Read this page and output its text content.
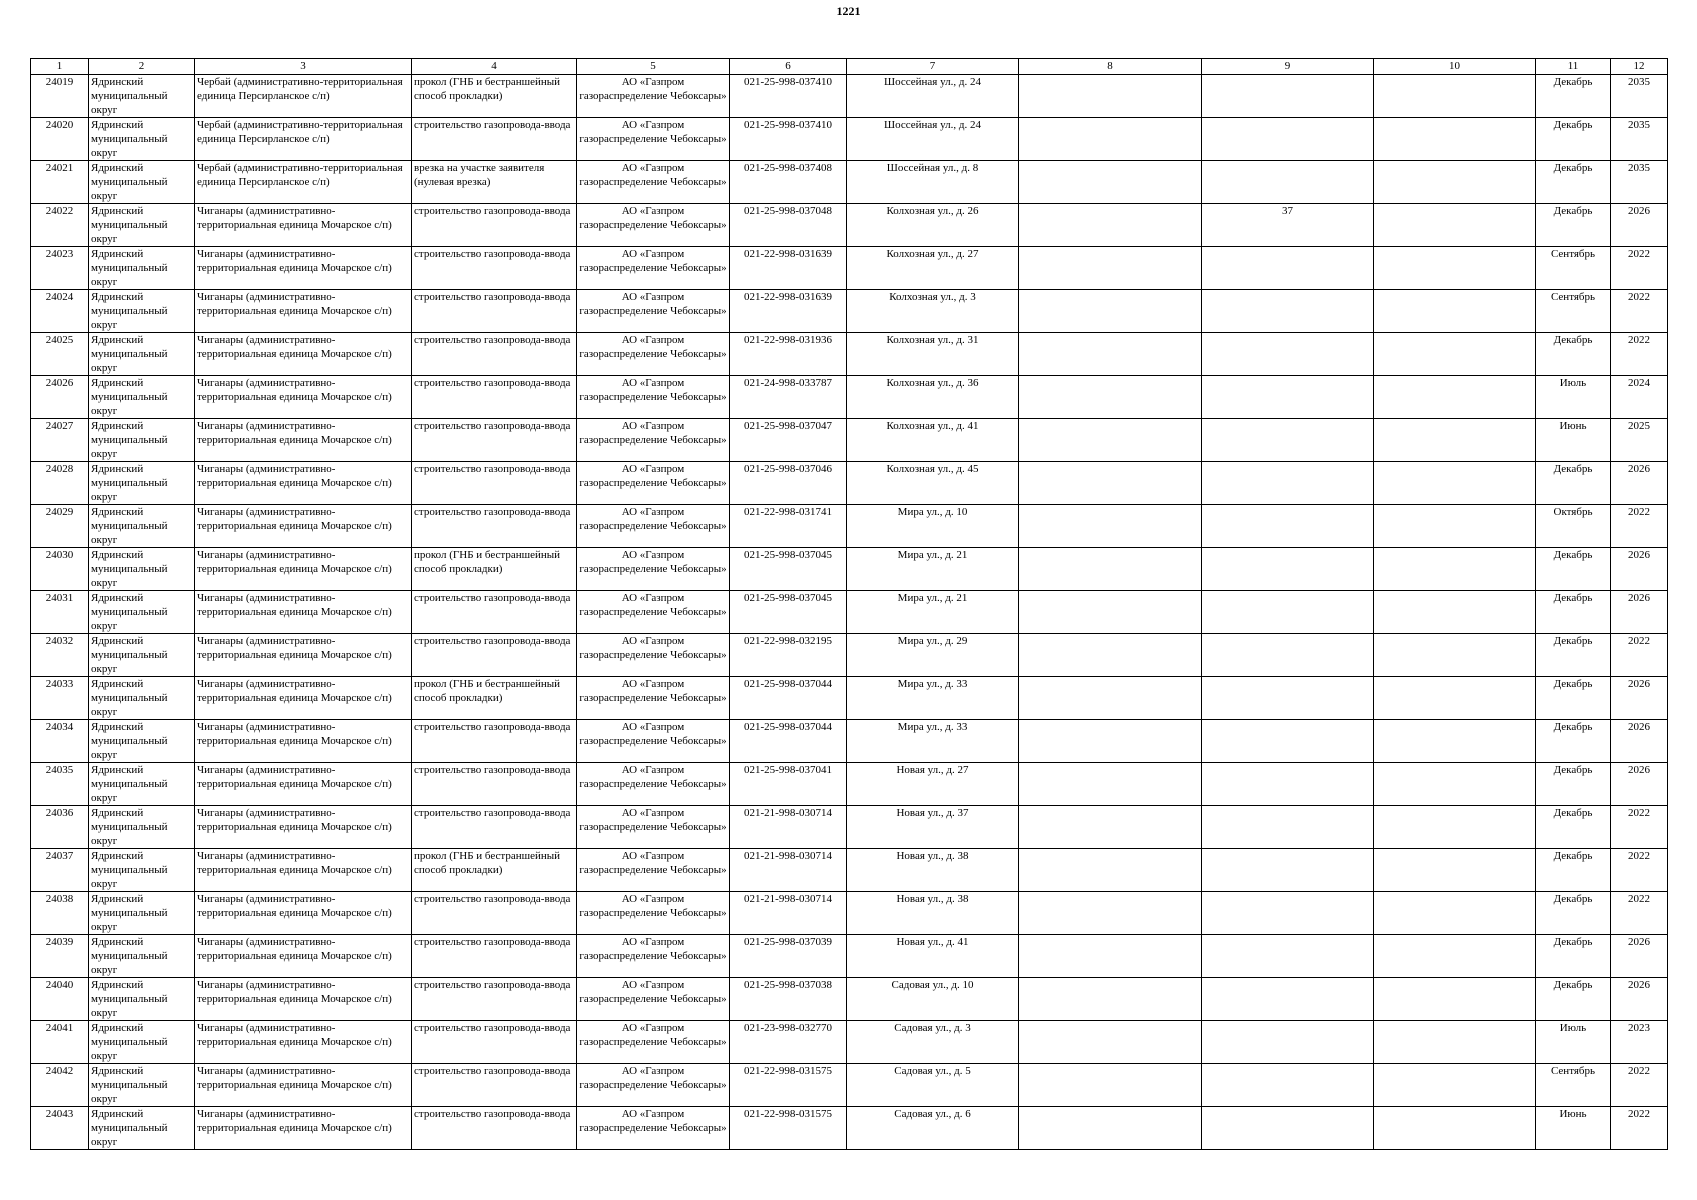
1221
1	2	3	4	5	6	7	8	9	10	11	12

24019	Ядринский муниципальный округ	Чербай (административно-территориальная единица Персирланское с/п)	прокол (ГНБ и бестраншейный способ прокладки)	АО «Газпром газораспределение Чебоксары»	021-25-998-037410	Шоссейная ул., д. 24				Декабрь	2035

24020	Ядринский муниципальный округ	Чербай (административно-территориальная единица Персирланское с/п)	строительство газопровода-ввода	АО «Газпром газораспределение Чебоксары»	021-25-998-037410	Шоссейная ул., д. 24				Декабрь	2035

24021	Ядринский муниципальный округ	Чербай (административно-территориальная единица Персирланское с/п)	врезка на участке заявителя (нулевая врезка)	АО «Газпром газораспределение Чебоксары»	021-25-998-037408	Шоссейная ул., д. 8				Декабрь	2035

24022	Ядринский муниципальный округ	Чиганары (административно-территориальная единица Мочарское с/п)	строительство газопровода-ввода	АО «Газпром газораспределение Чебоксары»	021-25-998-037048	Колхозная ул., д. 26		37		Декабрь	2026

24023	Ядринский муниципальный округ	Чиганары (административно-территориальная единица Мочарское с/п)	строительство газопровода-ввода	АО «Газпром газораспределение Чебоксары»	021-22-998-031639	Колхозная ул., д. 27				Сентябрь	2022

24024	Ядринский муниципальный округ	Чиганары (административно-территориальная единица Мочарское с/п)	строительство газопровода-ввода	АО «Газпром газораспределение Чебоксары»	021-22-998-031639	Колхозная ул., д. 3				Сентябрь	2022

24025	Ядринский муниципальный округ	Чиганары (административно-территориальная единица Мочарское с/п)	строительство газопровода-ввода	АО «Газпром газораспределение Чебоксары»	021-22-998-031936	Колхозная ул., д. 31				Декабрь	2022

24026	Ядринский муниципальный округ	Чиганары (административно-территориальная единица Мочарское с/п)	строительство газопровода-ввода	АО «Газпром газораспределение Чебоксары»	021-24-998-033787	Колхозная ул., д. 36				Июль	2024

24027	Ядринский муниципальный округ	Чиганары (административно-территориальная единица Мочарское с/п)	строительство газопровода-ввода	АО «Газпром газораспределение Чебоксары»	021-25-998-037047	Колхозная ул., д. 41				Июнь	2025

24028	Ядринский муниципальный округ	Чиганары (административно-территориальная единица Мочарское с/п)	строительство газопровода-ввода	АО «Газпром газораспределение Чебоксары»	021-25-998-037046	Колхозная ул., д. 45				Декабрь	2026

24029	Ядринский муниципальный округ	Чиганары (административно-территориальная единица Мочарское с/п)	строительство газопровода-ввода	АО «Газпром газораспределение Чебоксары»	021-22-998-031741	Мира ул., д. 10				Октябрь	2022

24030	Ядринский муниципальный округ	Чиганары (административно-территориальная единица Мочарское с/п)	прокол (ГНБ и бестраншейный способ прокладки)	АО «Газпром газораспределение Чебоксары»	021-25-998-037045	Мира ул., д. 21				Декабрь	2026

24031	Ядринский муниципальный округ	Чиганары (административно-территориальная единица Мочарское с/п)	строительство газопровода-ввода	АО «Газпром газораспределение Чебоксары»	021-25-998-037045	Мира ул., д. 21				Декабрь	2026

24032	Ядринский муниципальный округ	Чиганары (административно-территориальная единица Мочарское с/п)	строительство газопровода-ввода	АО «Газпром газораспределение Чебоксары»	021-22-998-032195	Мира ул., д. 29				Декабрь	2022

24033	Ядринский муниципальный округ	Чиганары (административно-территориальная единица Мочарское с/п)	прокол (ГНБ и бестраншейный способ прокладки)	АО «Газпром газораспределение Чебоксары»	021-25-998-037044	Мира ул., д. 33				Декабрь	2026

24034	Ядринский муниципальный округ	Чиганары (административно-территориальная единица Мочарское с/п)	строительство газопровода-ввода	АО «Газпром газораспределение Чебоксары»	021-25-998-037044	Мира ул., д. 33				Декабрь	2026

24035	Ядринский муниципальный округ	Чиганары (административно-территориальная единица Мочарское с/п)	строительство газопровода-ввода	АО «Газпром газораспределение Чебоксары»	021-25-998-037041	Новая ул., д. 27				Декабрь	2026

24036	Ядринский муниципальный округ	Чиганары (административно-территориальная единица Мочарское с/п)	строительство газопровода-ввода	АО «Газпром газораспределение Чебоксары»	021-21-998-030714	Новая ул., д. 37				Декабрь	2022

24037	Ядринский муниципальный округ	Чиганары (административно-территориальная единица Мочарское с/п)	прокол (ГНБ и бестраншейный способ прокладки)	АО «Газпром газораспределение Чебоксары»	021-21-998-030714	Новая ул., д. 38				Декабрь	2022

24038	Ядринский муниципальный округ	Чиганары (административно-территориальная единица Мочарское с/п)	строительство газопровода-ввода	АО «Газпром газораспределение Чебоксары»	021-21-998-030714	Новая ул., д. 38				Декабрь	2022

24039	Ядринский муниципальный округ	Чиганары (административно-территориальная единица Мочарское с/п)	строительство газопровода-ввода	АО «Газпром газораспределение Чебоксары»	021-25-998-037039	Новая ул., д. 41				Декабрь	2026

24040	Ядринский муниципальный округ	Чиганары (административно-территориальная единица Мочарское с/п)	строительство газопровода-ввода	АО «Газпром газораспределение Чебоксары»	021-25-998-037038	Садовая ул., д. 10				Декабрь	2026

24041	Ядринский муниципальный округ	Чиганары (административно-территориальная единица Мочарское с/п)	строительство газопровода-ввода	АО «Газпром газораспределение Чебоксары»	021-23-998-032770	Садовая ул., д. 3				Июль	2023

24042	Ядринский муниципальный округ	Чиганары (административно-территориальная единица Мочарское с/п)	строительство газопровода-ввода	АО «Газпром газораспределение Чебоксары»	021-22-998-031575	Садовая ул., д. 5				Сентябрь	2022

24043	Ядринский муниципальный округ	Чиганары (административно-территориальная единица Мочарское с/п)	строительство газопровода-ввода	АО «Газпром газораспределение Чебоксары»	021-22-998-031575	Садовая ул., д. 6				Июнь	2022
